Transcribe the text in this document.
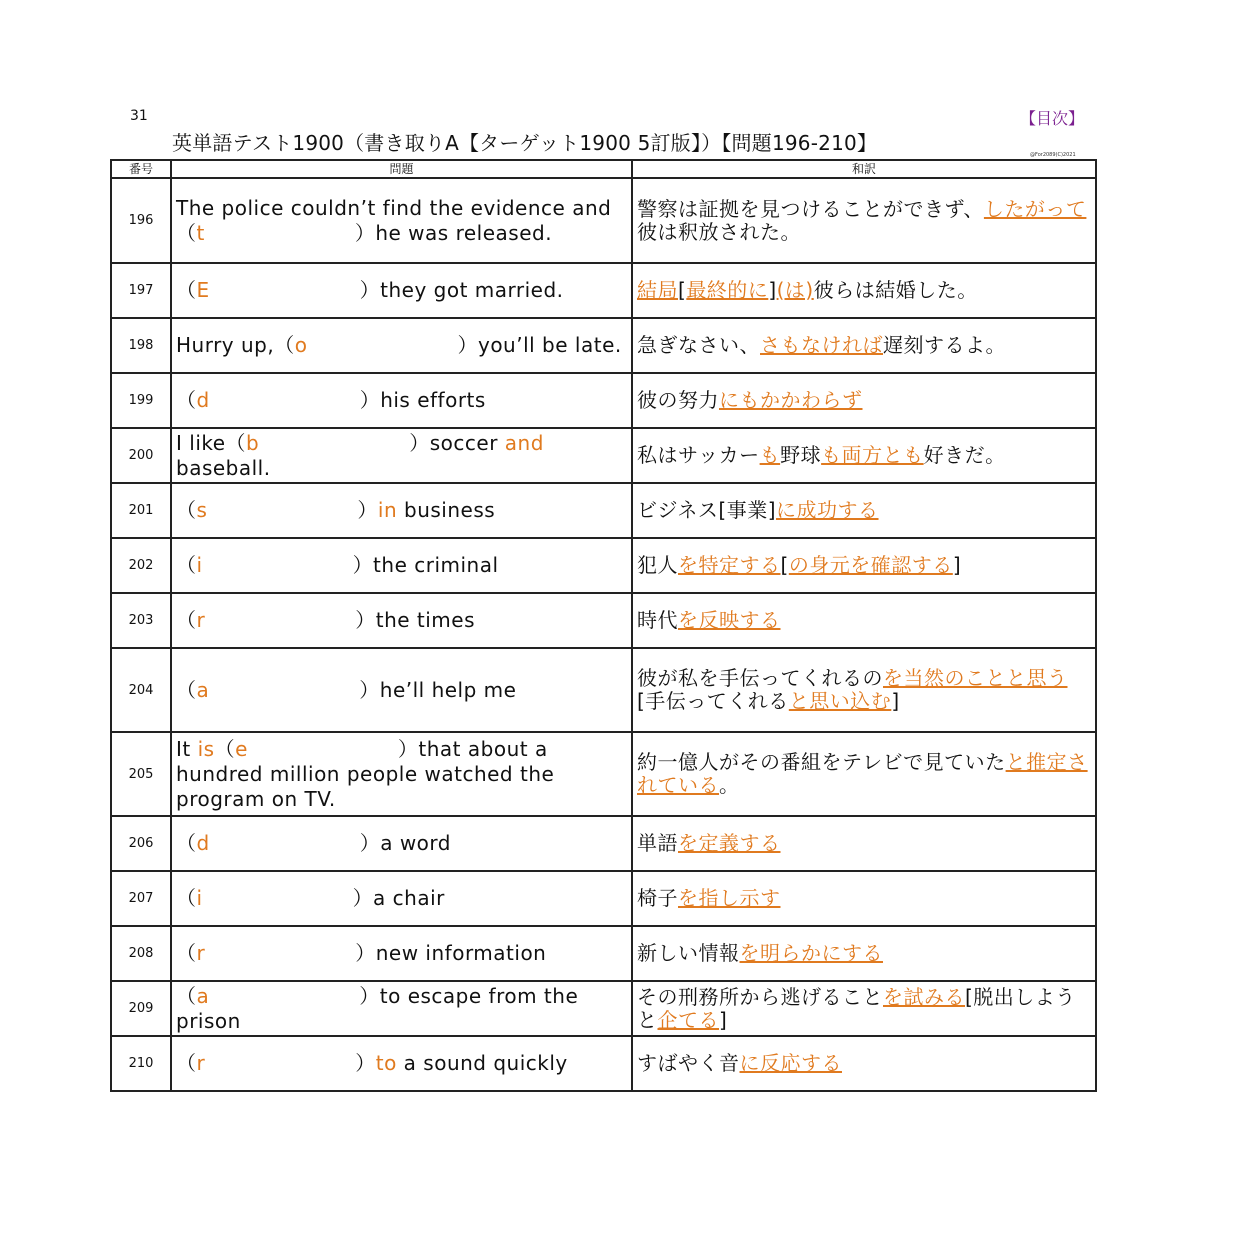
31	【目次】
英単語テスト1900（書き取りA【ターゲット1900 5訂版】）【問題196-210】	@For2089(C)2021
番号	問題	和訳
196	The police couldn’t find the evidence and（t ）he was released.	警察は証拠を見つけることができず、したがって彼は釈放された。
197	（E ）they got married.	結局[最終的に](は)彼らは結婚した。
198	Hurry up,（o ）you’ll be late.	急ぎなさい、さもなければ遅刻するよ。
199	（d ）his efforts	彼の努力にもかかわらず
200	I like（b ）soccer and baseball.	私はサッカーも野球も両方とも好きだ。
201	（s ）in business	ビジネス[事業]に成功する
202	（i ）the criminal	犯人を特定する[の身元を確認する]
203	（r ）the times	時代を反映する
204	（a ）he’ll help me	彼が私を手伝ってくれるのを当然のことと思う[手伝ってくれると思い込む]
205	It is（e ）that about a hundred million people watched the program on TV.	約一億人がその番組をテレビで見ていたと推定されている。
206	（d ）a word	単語を定義する
207	（i ）a chair	椅子を指し示す
208	（r ）new information	新しい情報を明らかにする
209	（a ）to escape from the prison	その刑務所から逃げることを試みる[脱出しようと企てる]
210	（r ）to a sound quickly	すばやく音に反応する
